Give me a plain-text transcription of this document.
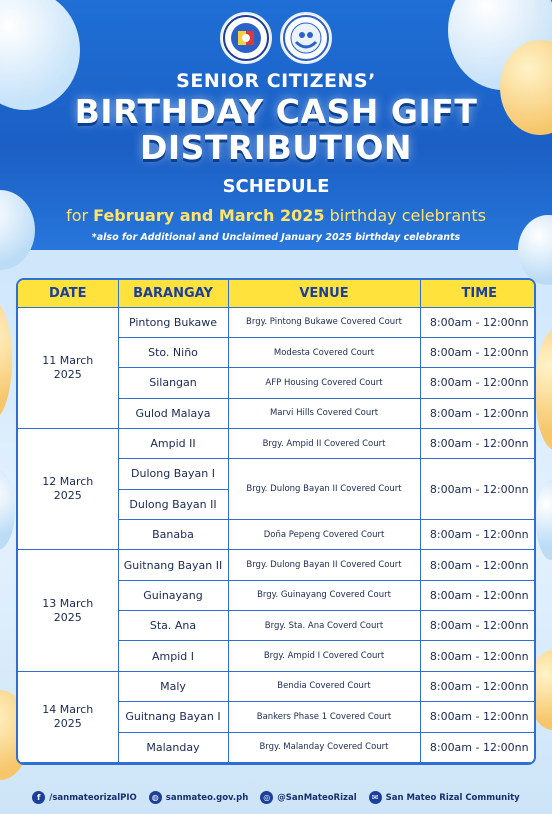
SENIOR CITIZENS’
BIRTHDAY CASH GIFT
DISTRIBUTION
SCHEDULE
for February and March 2025 birthday celebrants
*also for Additional and Unclaimed January 2025 birthday celebrants
DATE	BARANGAY	VENUE	TIME
11 March
2025	Pintong Bukawe	Brgy. Pintong Bukawe Covered Court	8:00am - 12:00nn
	Sto. Niño	Modesta Covered Court	8:00am - 12:00nn
	Silangan	AFP Housing Covered Court	8:00am - 12:00nn
	Gulod Malaya	Marvi Hills Covered Court	8:00am - 12:00nn
12 March
2025	Ampid II	Brgy. Ampid II Covered Court	8:00am - 12:00nn
	Dulong Bayan I	Brgy. Dulong Bayan II Covered Court	8:00am - 12:00nn
	Dulong Bayan II		
	Banaba	Doña Pepeng Covered Court	8:00am - 12:00nn
13 March
2025	Guitnang Bayan II	Brgy. Dulong Bayan II Covered Court	8:00am - 12:00nn
	Guinayang	Brgy. Guinayang Covered Court	8:00am - 12:00nn
	Sta. Ana	Brgy. Sta. Ana Coverd Court	8:00am - 12:00nn
	Ampid I	Brgy. Ampid I Covered Court	8:00am - 12:00nn
14 March
2025	Maly	Bendia Covered Court	8:00am - 12:00nn
	Guitnang Bayan I	Bankers Phase 1 Covered Court	8:00am - 12:00nn
	Malanday	Brgy. Malanday Covered Court	8:00am - 12:00nn
f	/sanmateorizalPIO	◍ sanmateo.gov.ph	◎ @SanMateoRizal	✉ San Mateo Rizal Community
